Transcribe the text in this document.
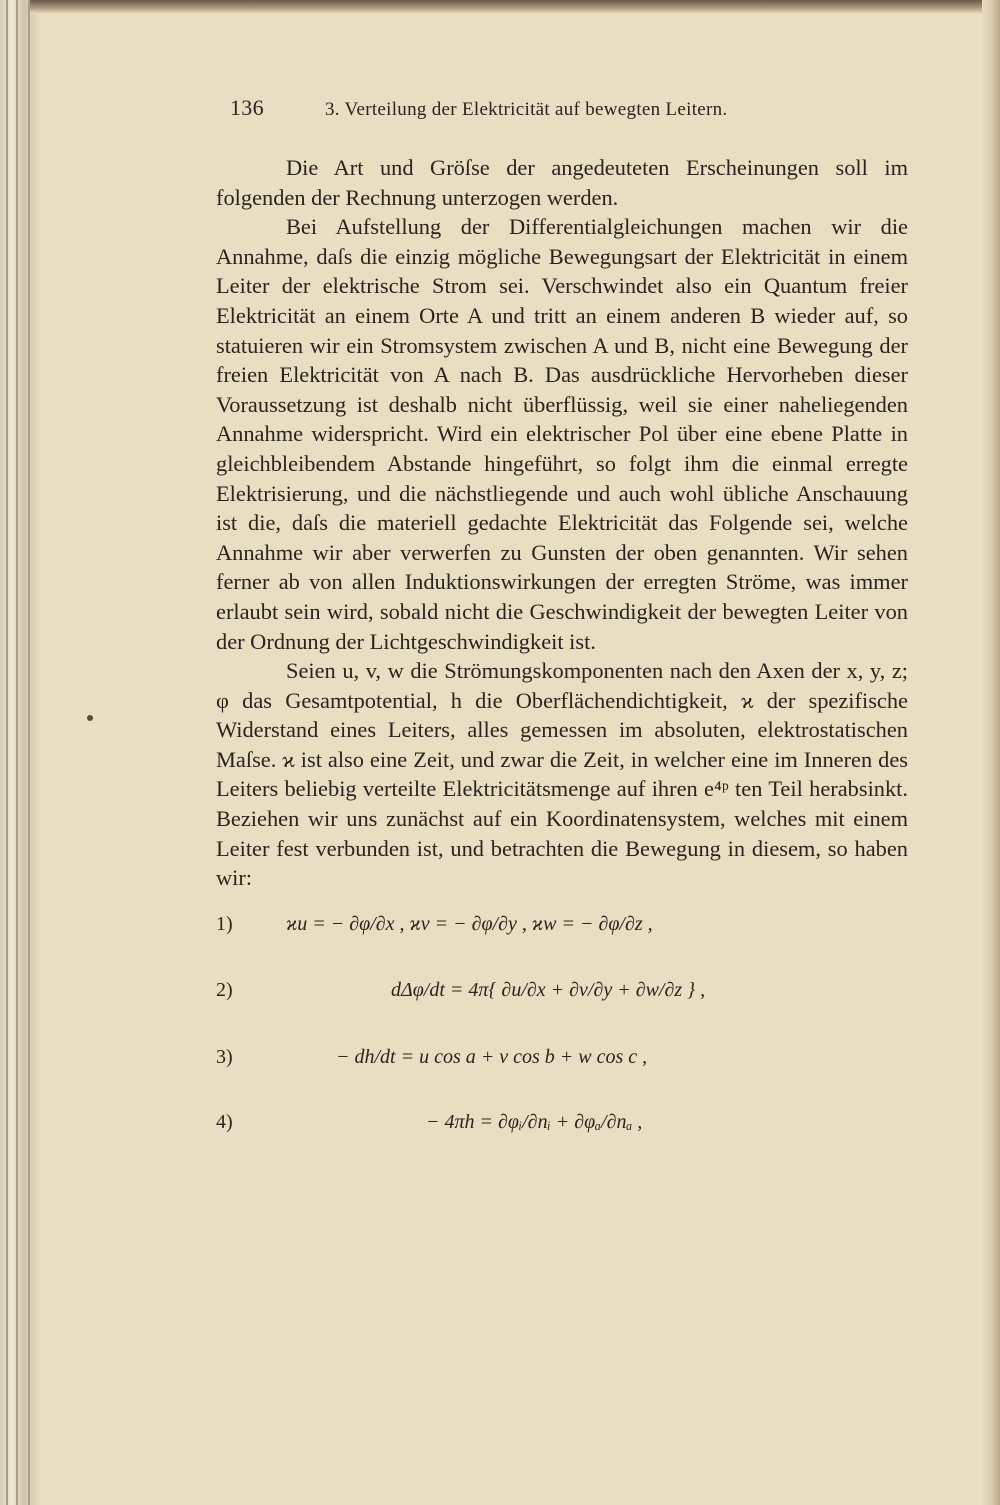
136	3. Verteilung der Elektricität auf bewegten Leitern.

Die Art und Gröſse der angedeuteten Erscheinungen soll im folgenden der Rechnung unterzogen werden.

Bei Aufstellung der Differentialgleichungen machen wir die Annahme, daſs die einzig mögliche Bewegungsart der Elektricität in einem Leiter der elektrische Strom sei. Verschwindet also ein Quantum freier Elektricität an einem Orte A und tritt an einem anderen B wieder auf, so statuieren wir ein Stromsystem zwischen A und B, nicht eine Bewegung der freien Elektricität von A nach B. Das ausdrückliche Hervorheben dieser Voraussetzung ist deshalb nicht überflüssig, weil sie einer naheliegenden Annahme widerspricht. Wird ein elektrischer Pol über eine ebene Platte in gleichbleibendem Abstande hingeführt, so folgt ihm die einmal erregte Elektrisierung, und die nächstliegende und auch wohl übliche Anschauung ist die, daſs die materiell gedachte Elektricität das Folgende sei, welche Annahme wir aber verwerfen zu Gunsten der oben genannten. Wir sehen ferner ab von allen Induktionswirkungen der erregten Ströme, was immer erlaubt sein wird, sobald nicht die Geschwindigkeit der bewegten Leiter von der Ordnung der Lichtgeschwindigkeit ist.

Seien u, v, w die Strömungskomponenten nach den Axen der x, y, z; φ das Gesamtpotential, h die Oberflächendichtigkeit, ϰ der spezifische Widerstand eines Leiters, alles gemessen im absoluten, elektrostatischen Maſse. ϰ ist also eine Zeit, und zwar die Zeit, in welcher eine im Inneren des Leiters beliebig verteilte Elektricitätsmenge auf ihren e⁴ᵖ ten Teil herabsinkt. Beziehen wir uns zunächst auf ein Koordinatensystem, welches mit einem Leiter fest verbunden ist, und betrachten die Bewegung in diesem, so haben wir:

1)	ϰu = − ∂φ/∂x , ϰv = − ∂φ/∂y , ϰw = − ∂φ/∂z ,
2)	dΔφ/dt = 4π{ ∂u/∂x + ∂v/∂y + ∂w/∂z } ,
3)	− dh/dt = u cos a + v cos b + w cos c ,
4)	− 4πh = ∂φᵢ/∂nᵢ + ∂φₐ/∂nₐ ,
